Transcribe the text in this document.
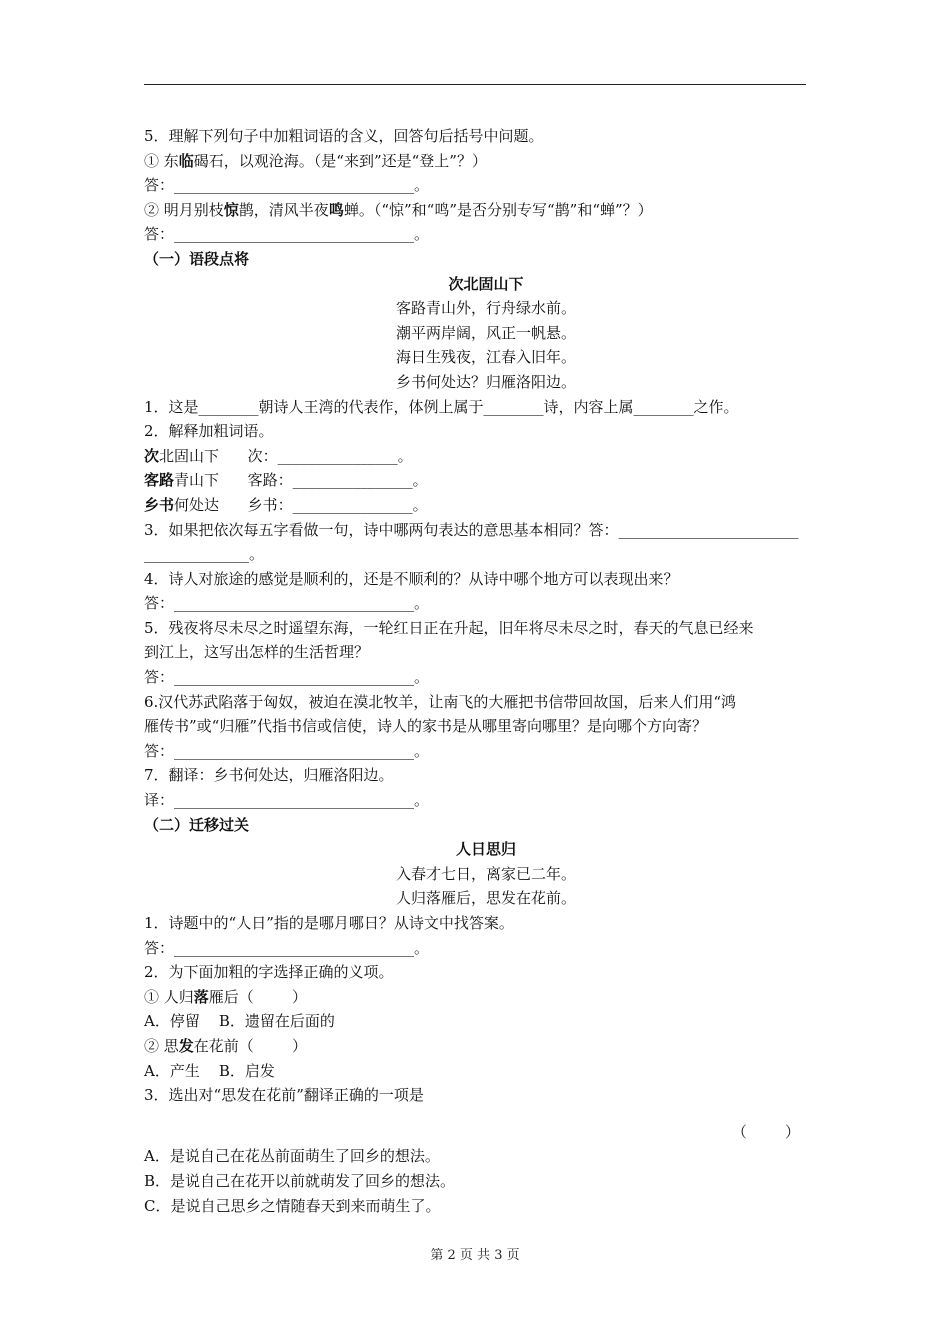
5．理解下列句子中加粗词语的含义，回答句后括号中问题。
① 东临碣石，以观沧海。（是“来到”还是“登上”？）
答：________________________________。
② 明月别枝惊鹊，清风半夜鸣蝉。（“惊”和“鸣”是否分别专写“鹊”和“蝉”？）
答：________________________________。
（一）语段点将
次北固山下
客路青山外，行舟绿水前。
潮平两岸阔，风正一帆悬。
海日生残夜，江春入旧年。
乡书何处达？归雁洛阳边。
1．这是________朝诗人王湾的代表作，体例上属于________诗，内容上属________之作。
2．解释加粗词语。
次北固山下      次：________________。
客路青山下      客路：________________。
乡书何处达      乡书：________________。
3．如果把依次每五字看做一句，诗中哪两句表达的意思基本相同？答：________________________
______________。
4．诗人对旅途的感觉是顺利的，还是不顺利的？从诗中哪个地方可以表现出来？
答：________________________________。
5．残夜将尽未尽之时遥望东海，一轮红日正在升起，旧年将尽未尽之时，春天的气息已经来
到江上，这写出怎样的生活哲理？
答：________________________________。
6.汉代苏武陷落于匈奴，被迫在漠北牧羊，让南飞的大雁把书信带回故国，后来人们用“鸿
雁传书”或“归雁”代指书信或信使，诗人的家书是从哪里寄向哪里？是向哪个方向寄？
答：________________________________。
7．翻译：乡书何处达，归雁洛阳边。
译：________________________________。
（二）迁移过关
人日思归
入春才七日，离家已二年。
人归落雁后，思发在花前。
1．诗题中的“人日”指的是哪月哪日？从诗文中找答案。
答：________________________________。
2．为下面加粗的字选择正确的义项。
① 人归落雁后（        ）
A．停留    B．遗留在后面的
② 思发在花前（        ）
A．产生    B．启发
3．选出对“思发在花前”翻译正确的一项是
（        ）
A．是说自己在花丛前面萌生了回乡的想法。
B．是说自己在花开以前就萌发了回乡的想法。
C．是说自己思乡之情随春天到来而萌生了。
第 2 页 共 3 页
